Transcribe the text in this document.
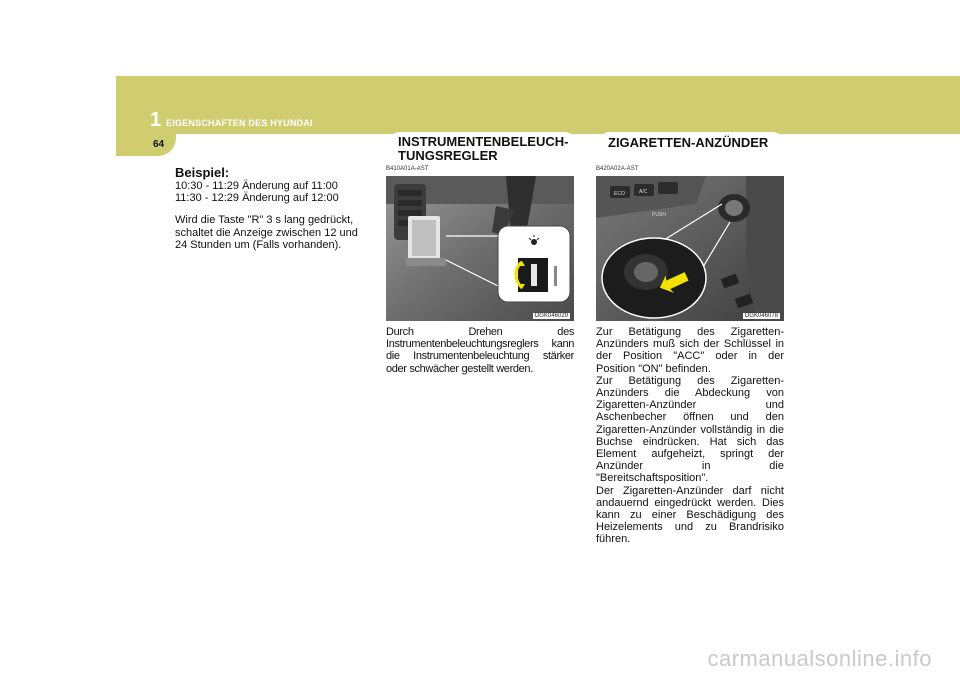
1 EIGENSCHAFTEN DES HYUNDAI
64	INSTRUMENTENBELEUCH-
TUNGSREGLER
ZIGARETTEN-ANZÜNDER
Beispiel:
10:30 - 11:29 Änderung auf 11:00
11:30 - 12:29 Änderung auf 12:00
Wird die Taste "R" 3 s lang gedrückt, schaltet die Anzeige zwischen 12 und 24 Stunden um (Falls vorhanden).
B410A01A-AST
OGK046029
Durch Drehen des Instrumentenbeleuchtungsreglers kann die Instrumentenbeleuchtung stärker oder schwächer gestellt werden.
B420A02A-AST
ECO	A/C
PUSH
OGK046078
Zur Betätigung des Zigaretten-Anzünders muß sich der Schlüssel in der Position "ACC" oder in der Position "ON" befinden.
Zur Betätigung des Zigaretten-Anzünders die Abdeckung von Zigaretten-Anzünder und Aschenbecher öffnen und den Zigaretten-Anzünder vollständig in die Buchse eindrücken. Hat sich das Element aufgeheizt, springt der Anzünder in die "Bereitschaftsposition".
Der Zigaretten-Anzünder darf nicht andauernd eingedrückt werden. Dies kann zu einer Beschädigung des Heizelements und zu Brandrisiko führen.
carmanualsonline.info
